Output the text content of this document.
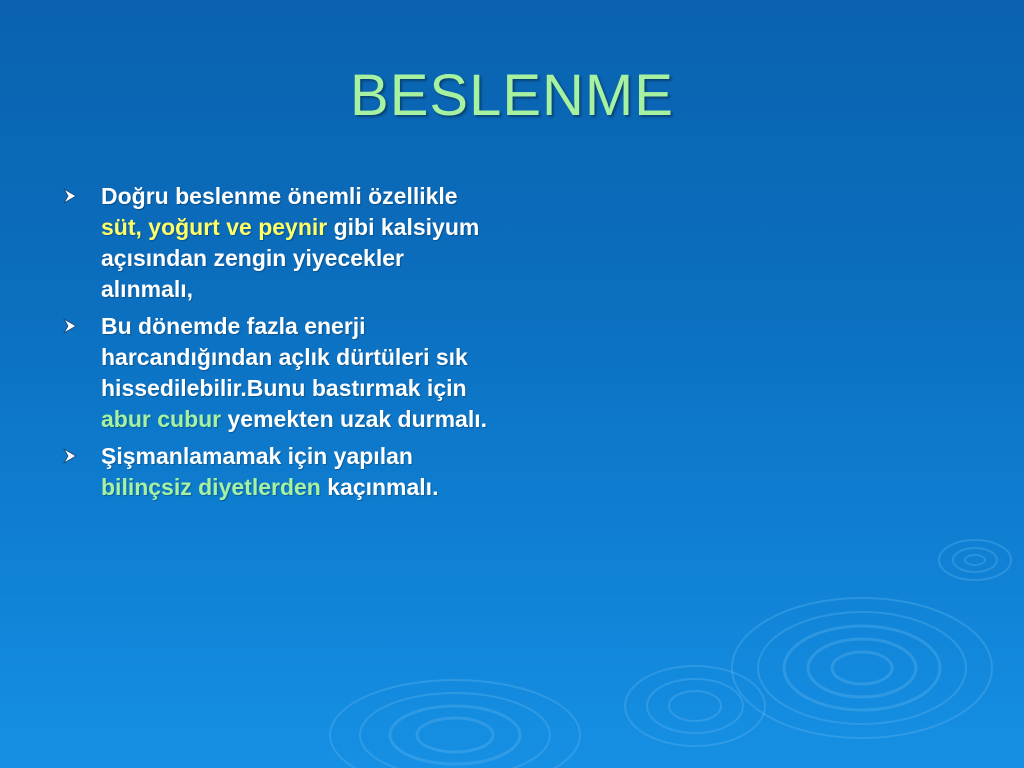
BESLENME
Doğru beslenme önemli özellikle süt, yoğurt ve peynir gibi kalsiyum açısından zengin yiyecekler alınmalı,
Bu dönemde fazla enerji harcandığından açlık dürtüleri sık hissedilebilir.Bunu bastırmak için abur cubur yemekten uzak durmalı.
Şişmanlamamak için yapılan bilinçsiz diyetlerden kaçınmalı.
